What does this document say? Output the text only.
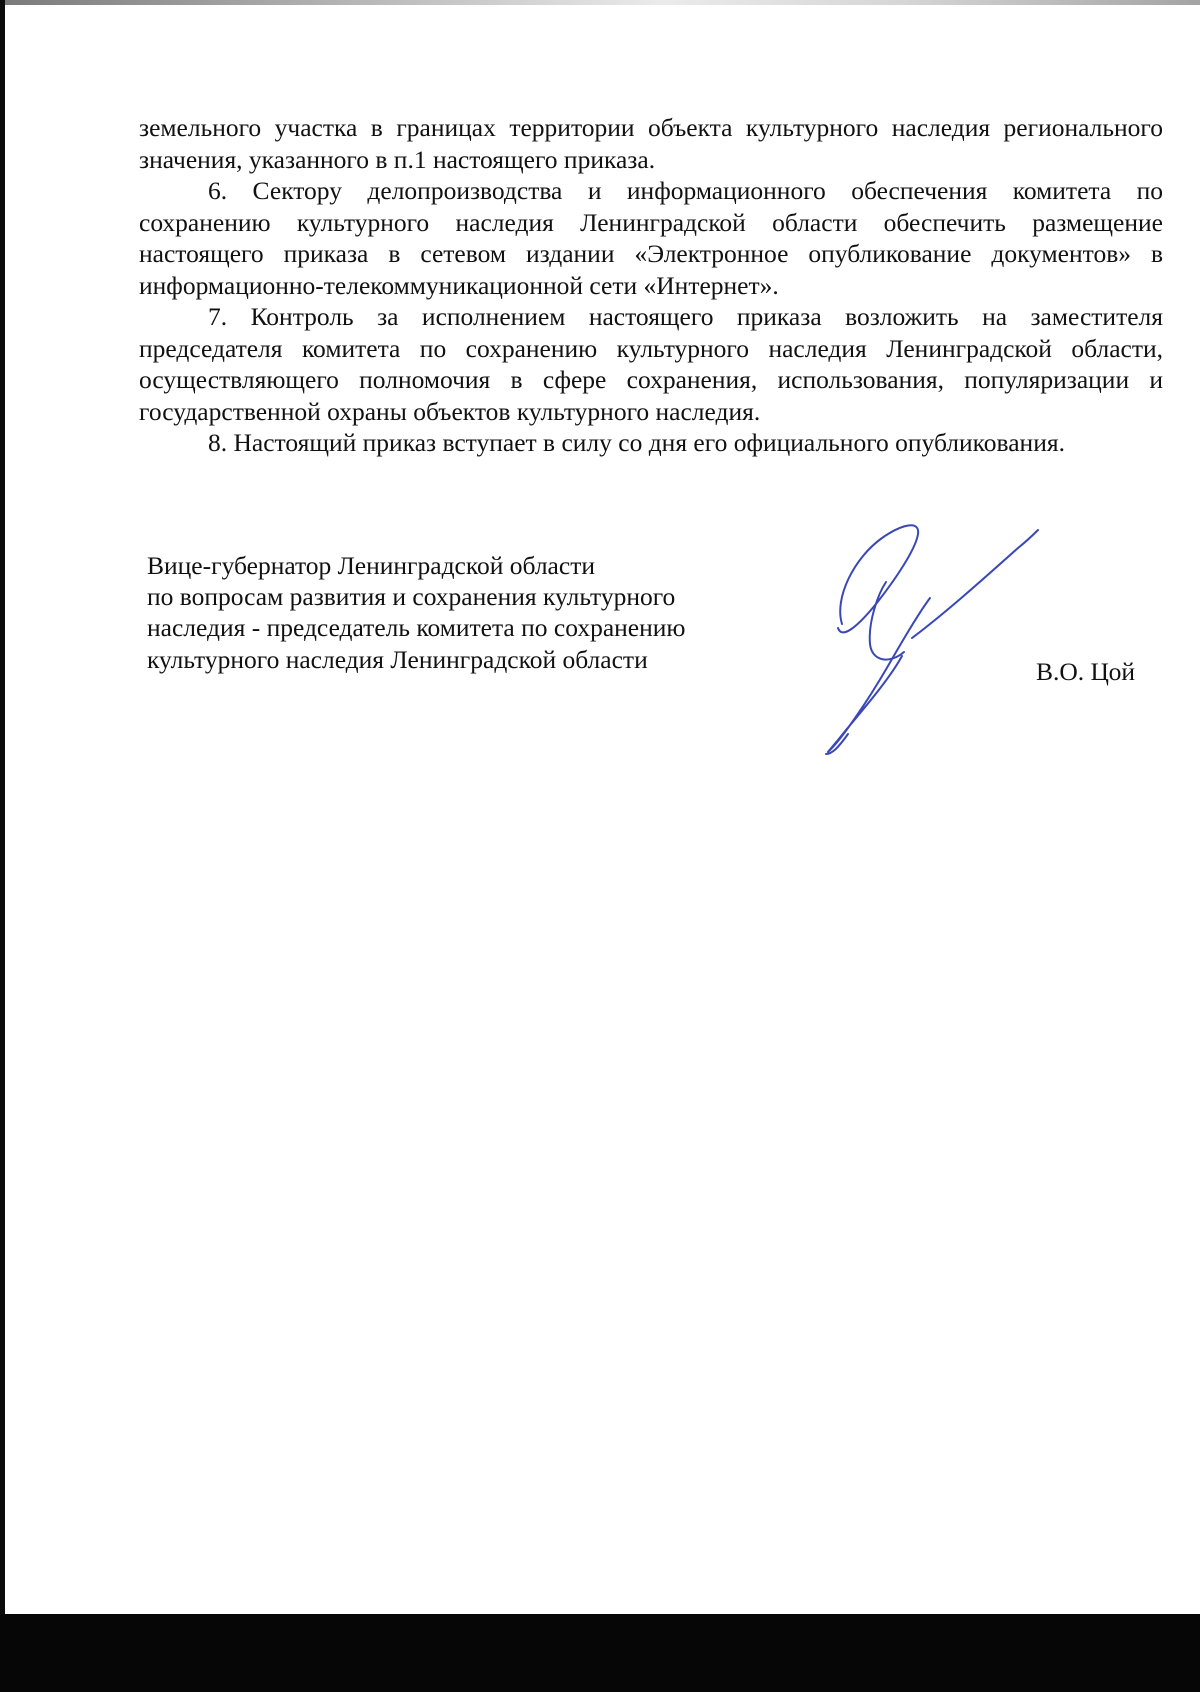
земельного участка в границах территории объекта культурного наследия регионального значения, указанного в п.1 настоящего приказа.

6. Сектору делопроизводства и информационного обеспечения комитета по сохранению культурного наследия Ленинградской области обеспечить размещение настоящего приказа в сетевом издании «Электронное опубликование документов» в информационно-телекоммуникационной сети «Интернет».

7. Контроль за исполнением настоящего приказа возложить на заместителя председателя комитета по сохранению культурного наследия Ленинградской области, осуществляющего полномочия в сфере сохранения, использования, популяризации и государственной охраны объектов культурного наследия.

8. Настоящий приказ вступает в силу со дня его официального опубликования.

Вице-губернатор Ленинградской области
по вопросам развития и сохранения культурного
наследия - председатель комитета по сохранению
культурного наследия Ленинградской области	В.О. Цой
